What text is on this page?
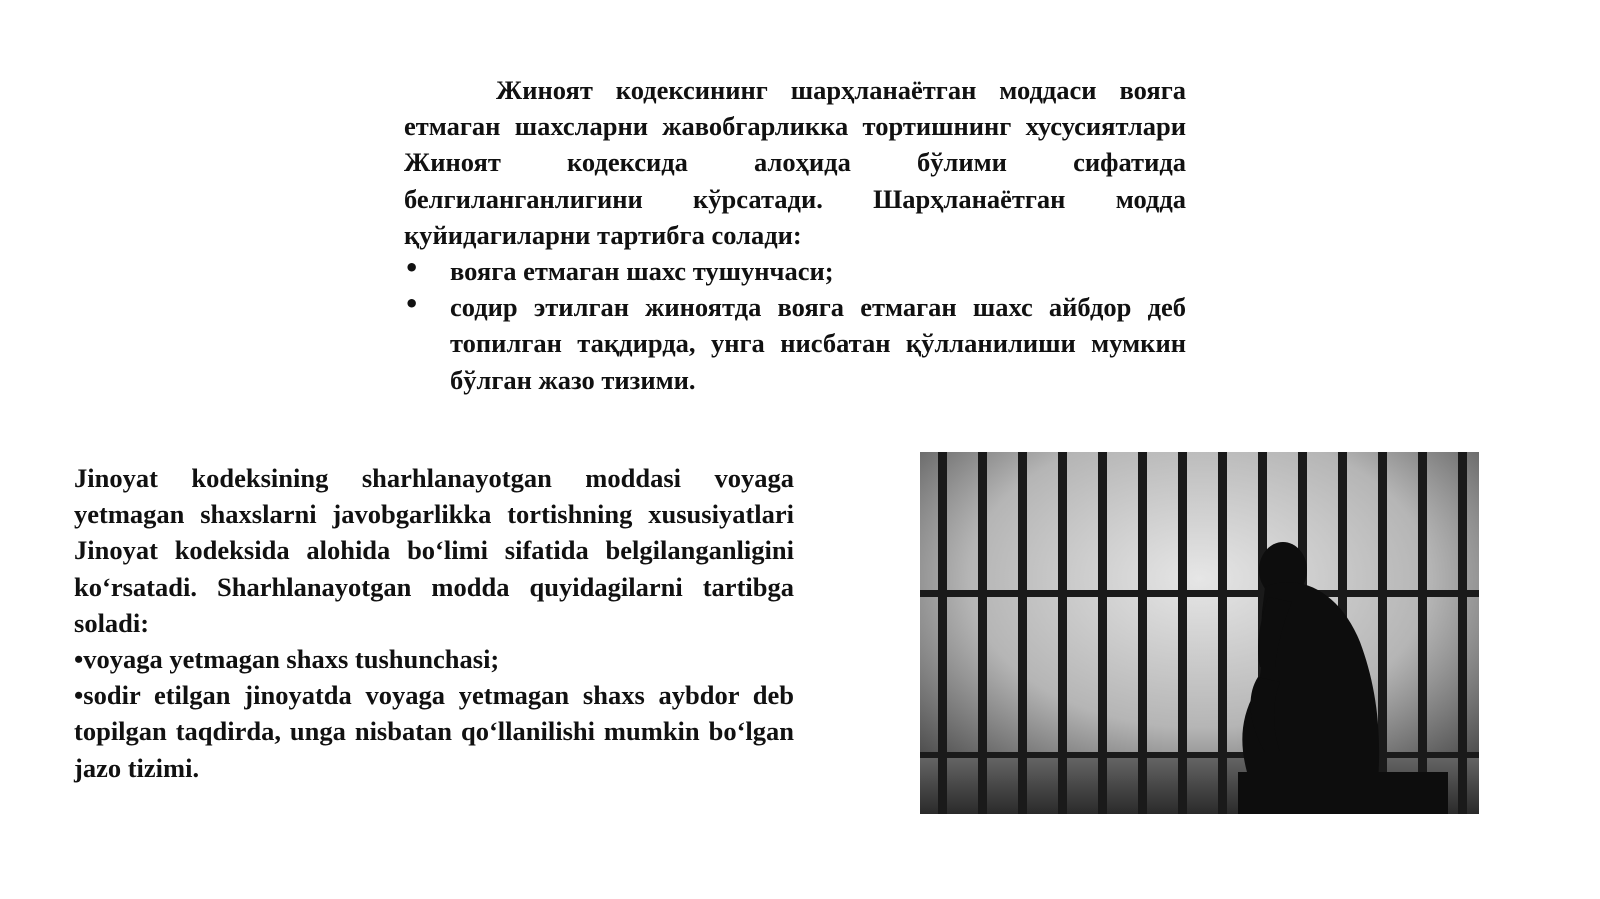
Жиноят кодексининг шарҳланаётган моддаси вояга етмаган шахсларни жавобгарликка тортишнинг хусусиятлари Жиноят кодексида алоҳида бўлими сифатида белгиланганлигини кўрсатади. Шарҳланаётган модда қуйидагиларни тартибга солади:

• вояга етмаган шахс тушунчаси;
• содир этилган жиноятда вояга етмаган шахс айбдор деб топилган тақдирда, унга нисбатан қўлланилиши мумкин бўлган жазо тизими.

Jinoyat kodeksining sharhlanayotgan moddasi voyaga yetmagan shaxslarni javobgarlikka tortishning xususiyatlari Jinoyat kodeksida alohida bo‘limi sifatida belgilanganligini ko‘rsatadi. Sharhlanayotgan modda quyidagilarni tartibga soladi:

•voyaga yetmagan shaxs tushunchasi;

•sodir etilgan jinoyatda voyaga yetmagan shaxs aybdor deb topilgan taqdirda, unga nisbatan qo‘llanilishi mumkin bo‘lgan jazo tizimi.
